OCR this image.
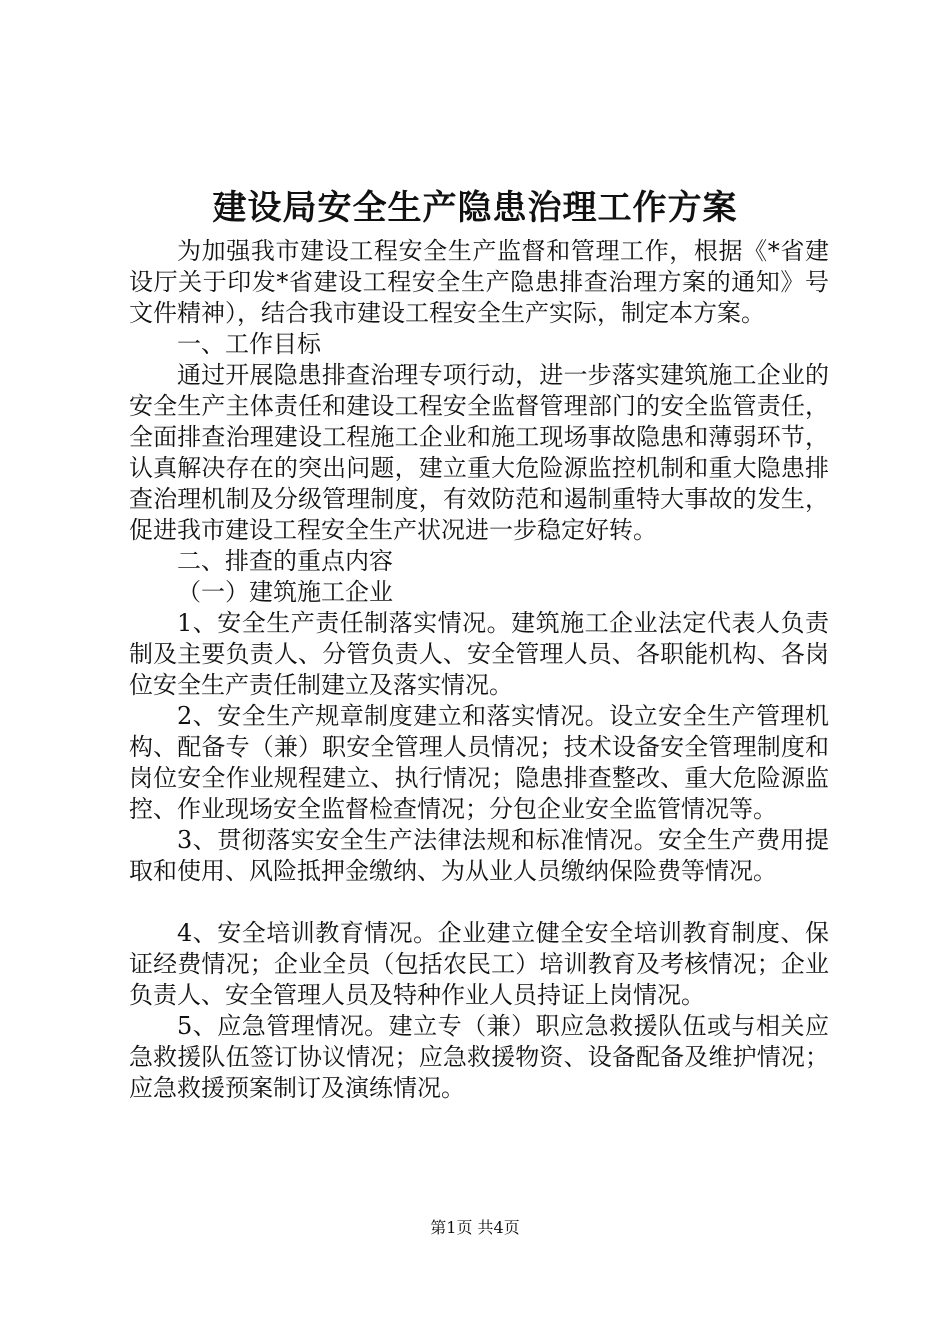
建设局安全生产隐患治理工作方案

为加强我市建设工程安全生产监督和管理工作，根据《*省建设厅关于印发*省建设工程安全生产隐患排查治理方案的通知》号文件精神），结合我市建设工程安全生产实际，制定本方案。

一、工作目标

通过开展隐患排查治理专项行动，进一步落实建筑施工企业的安全生产主体责任和建设工程安全监督管理部门的安全监管责任，全面排查治理建设工程施工企业和施工现场事故隐患和薄弱环节，认真解决存在的突出问题，建立重大危险源监控机制和重大隐患排查治理机制及分级管理制度，有效防范和遏制重特大事故的发生，促进我市建设工程安全生产状况进一步稳定好转。

二、排查的重点内容

（一）建筑施工企业

1、安全生产责任制落实情况。建筑施工企业法定代表人负责制及主要负责人、分管负责人、安全管理人员、各职能机构、各岗位安全生产责任制建立及落实情况。

2、安全生产规章制度建立和落实情况。设立安全生产管理机构、配备专（兼）职安全管理人员情况；技术设备安全管理制度和岗位安全作业规程建立、执行情况；隐患排查整改、重大危险源监控、作业现场安全监督检查情况；分包企业安全监管情况等。

3、贯彻落实安全生产法律法规和标准情况。安全生产费用提取和使用、风险抵押金缴纳、为从业人员缴纳保险费等情况。

4、安全培训教育情况。企业建立健全安全培训教育制度、保证经费情况；企业全员（包括农民工）培训教育及考核情况；企业负责人、安全管理人员及特种作业人员持证上岗情况。

5、应急管理情况。建立专（兼）职应急救援队伍或与相关应急救援队伍签订协议情况；应急救援物资、设备配备及维护情况；应急救援预案制订及演练情况。

第1页 共4页
